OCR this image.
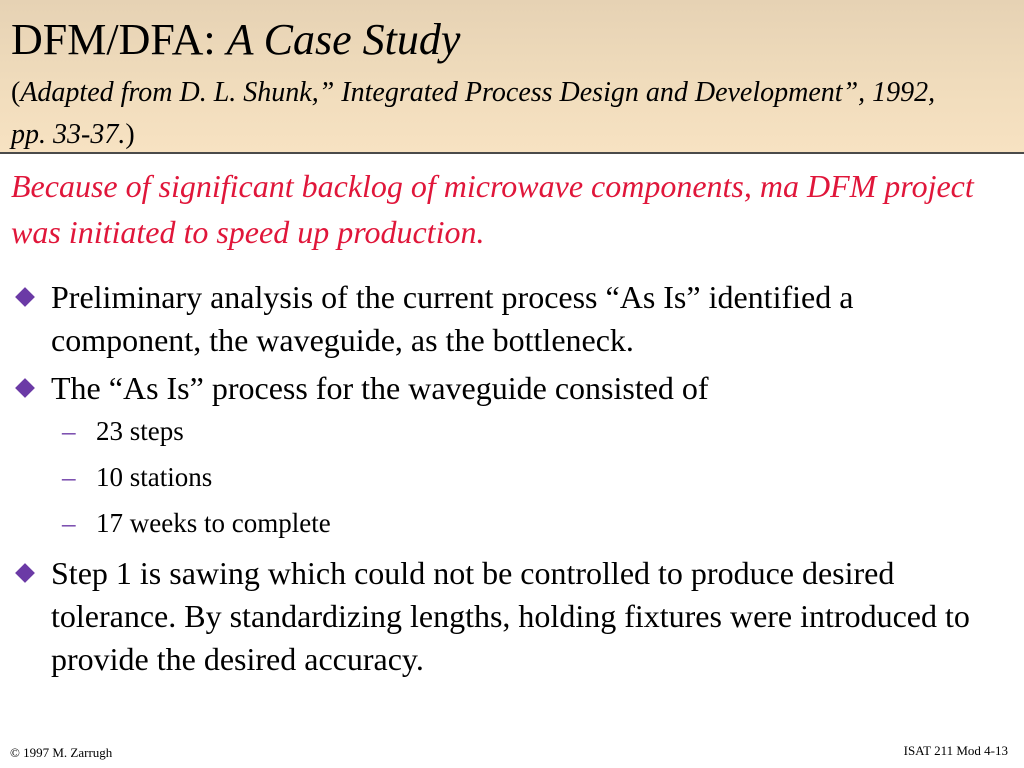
DFM/DFA: A Case Study
(Adapted from D. L. Shunk,” Integrated Process Design and Development”, 1992, pp. 33-37.)
Because of significant backlog of microwave components, ma DFM project was initiated to speed up production.
Preliminary analysis of the current process “As Is” identified a component, the waveguide, as the bottleneck.
The “As Is” process for the waveguide consisted of
– 23 steps
– 10 stations
– 17 weeks to complete
Step 1 is sawing which could not be controlled to produce desired tolerance. By standardizing lengths, holding fixtures were introduced to provide the desired accuracy.
© 1997 M. Zarrugh	ISAT 211 Mod 4-13
